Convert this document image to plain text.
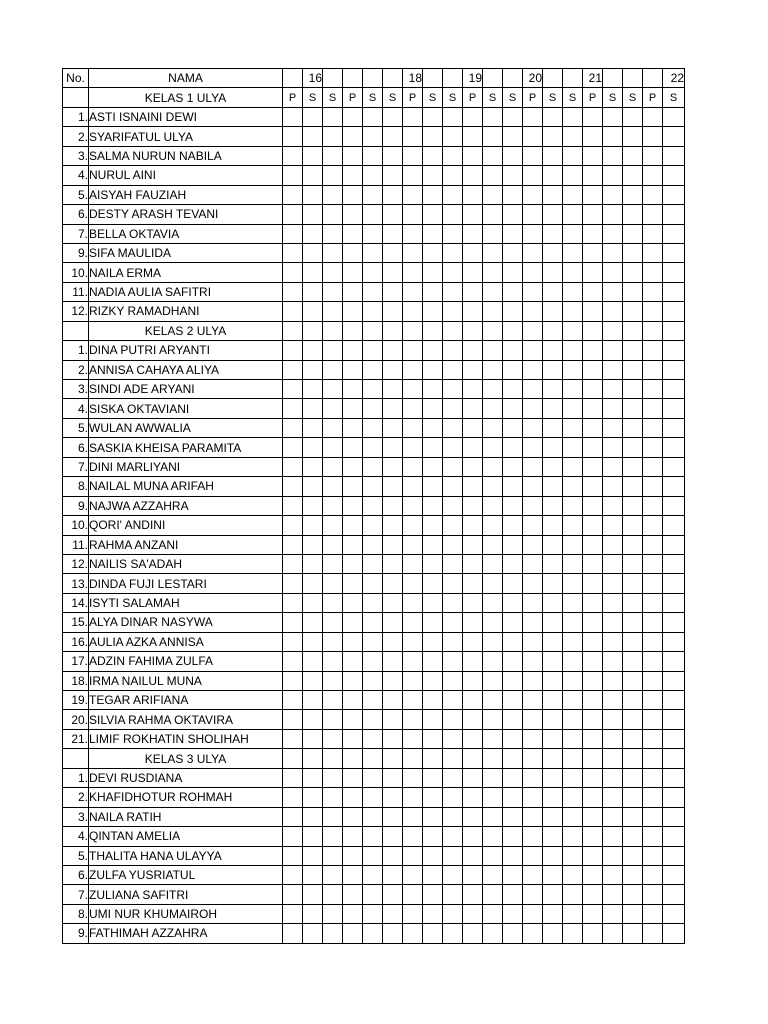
No.	NAMA		16					18			19			20			21				22
	KELAS 1 ULYA	P	S	S	P	S	S	P	S	S	P	S	S	P	S	S	P	S	S	P	S
1.	ASTI ISNAINI DEWI																				
2.	SYARIFATUL ULYA																				
3.	SALMA NURUN NABILA																				
4.	NURUL AINI																				
5.	AISYAH FAUZIAH																				
6.	DESTY ARASH TEVANI																				
7.	BELLA OKTAVIA																				
9.	SIFA MAULIDA																				
10.	NAILA ERMA																				
11.	NADIA AULIA SAFITRI																				
12.	RIZKY RAMADHANI																				
	KELAS 2 ULYA																				
1.	DINA PUTRI ARYANTI																				
2.	ANNISA CAHAYA ALIYA																				
3.	SINDI ADE ARYANI																				
4.	SISKA OKTAVIANI																				
5.	WULAN AWWALIA																				
6.	SASKIA KHEISA PARAMITA																				
7.	DINI MARLIYANI																				
8.	NAILAL MUNA ARIFAH																				
9.	NAJWA AZZAHRA																				
10.	QORI' ANDINI																				
11.	RAHMA ANZANI																				
12.	NAILIS SA'ADAH																				
13.	DINDA FUJI LESTARI																				
14.	ISYTI SALAMAH																				
15.	ALYA DINAR NASYWA																				
16.	AULIA AZKA ANNISA																				
17.	ADZIN FAHIMA ZULFA																				
18.	IRMA NAILUL MUNA																				
19.	TEGAR ARIFIANA																				
20.	SILVIA RAHMA OKTAVIRA																				
21.	LIMIF ROKHATIN SHOLIHAH																				
	KELAS 3 ULYA																				
1.	DEVI RUSDIANA																				
2.	KHAFIDHOTUR ROHMAH																				
3.	NAILA RATIH																				
4.	QINTAN AMELIA																				
5.	THALITA HANA ULAYYA																				
6.	ZULFA YUSRIATUL																				
7.	ZULIANA SAFITRI																				
8.	UMI NUR KHUMAIROH																				
9.	FATHIMAH AZZAHRA																				
